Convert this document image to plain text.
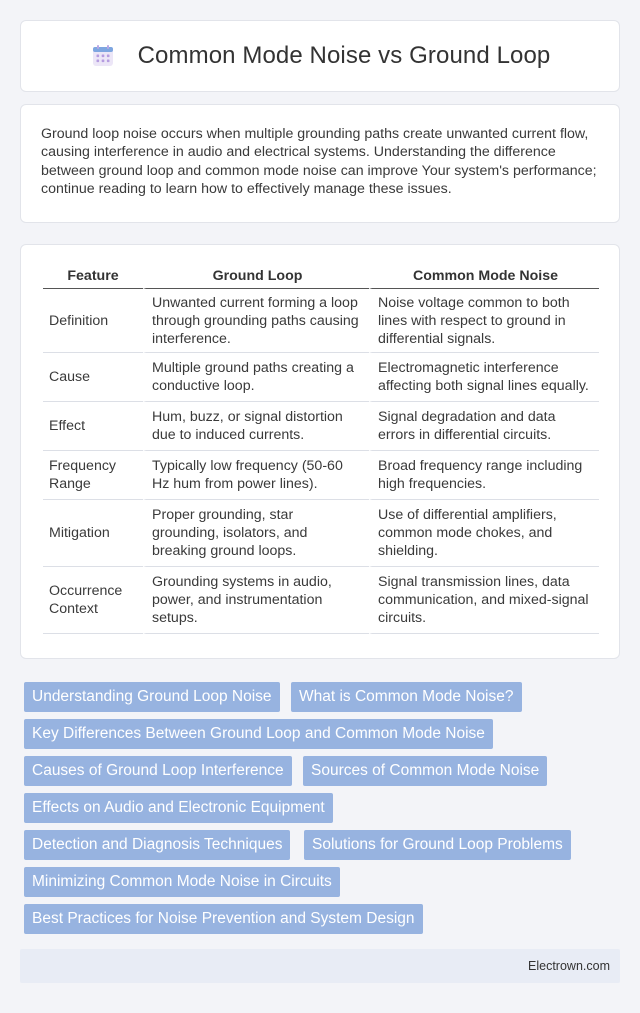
Common Mode Noise vs Ground Loop

Ground loop noise occurs when multiple grounding paths create unwanted current flow, causing interference in audio and electrical systems. Understanding the difference between ground loop and common mode noise can improve Your system's performance; continue reading to learn how to effectively manage these issues.

Feature	Ground Loop	Common Mode Noise
Definition	Unwanted current forming a loop through grounding paths causing interference.	Noise voltage common to both lines with respect to ground in differential signals.
Cause	Multiple ground paths creating a conductive loop.	Electromagnetic interference affecting both signal lines equally.
Effect	Hum, buzz, or signal distortion due to induced currents.	Signal degradation and data errors in differential circuits.
Frequency Range	Typically low frequency (50-60 Hz hum from power lines).	Broad frequency range including high frequencies.
Mitigation	Proper grounding, star grounding, isolators, and breaking ground loops.	Use of differential amplifiers, common mode chokes, and shielding.
Occurrence Context	Grounding systems in audio, power, and instrumentation setups.	Signal transmission lines, data communication, and mixed-signal circuits.
Understanding Ground Loop Noise	What is Common Mode Noise?
Key Differences Between Ground Loop and Common Mode Noise
Causes of Ground Loop Interference	Sources of Common Mode Noise
Effects on Audio and Electronic Equipment
Detection and Diagnosis Techniques	Solutions for Ground Loop Problems
Minimizing Common Mode Noise in Circuits
Best Practices for Noise Prevention and System Design
Electrown.com
